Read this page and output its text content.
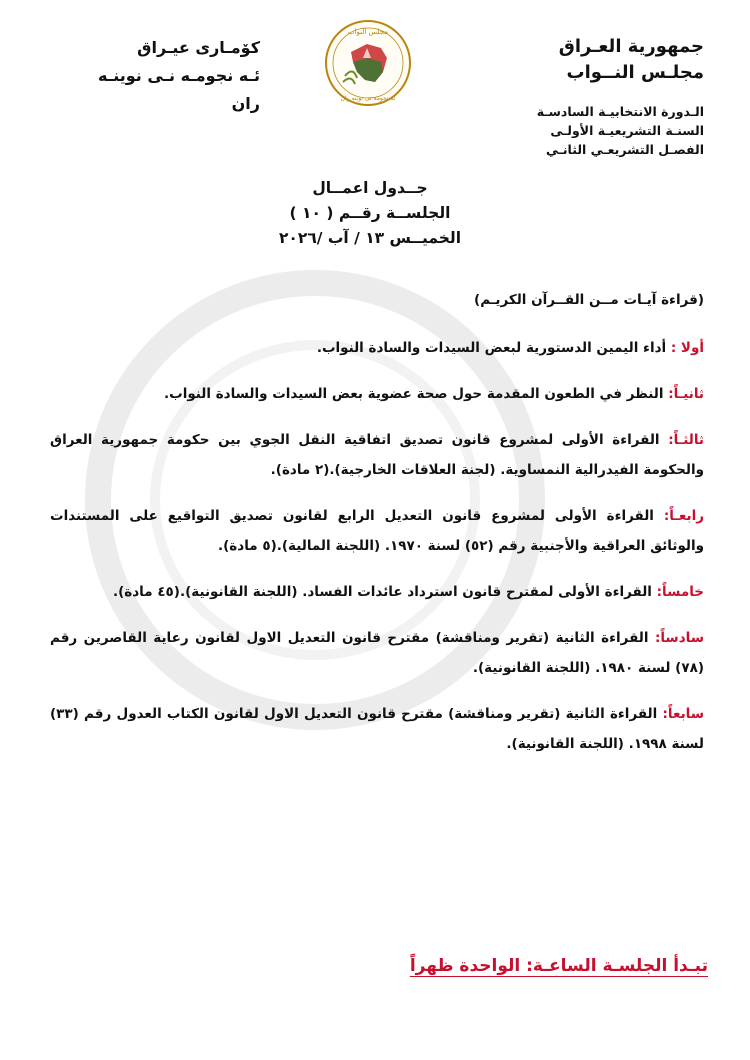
جمهورية العـراق
مجلـس النــواب
الـدورة الانتخابيـة السادسـة
السنـة التشريعيـة الأولـى
الفصـل التشريعـي الثانـي
مجلس النواب
ئه نجومه نى نوينه ران
كۆمـارى عيـراق
ئـه نجومـه نـى نوينـه ران
جــدول اعمــال
الجلســة رقــم ( ١٠ )
الخميــس ١٣ / آب /٢٠٢٦
(قراءة آيـات مــن القــرآن الكريـم)
أولا : أداء اليمين الدستورية لبعض السيدات والسادة النواب.
ثانيـاً: النظر في الطعون المقدمة حول صحة عضوية بعض السيدات والسادة النواب.
ثالثـاً: القراءة الأولى لمشروع قانون تصديق اتفاقية النقل الجوي بين حكومة جمهورية العراق والحكومة الفيدرالية النمساوية. (لجنة العلاقات الخارجية).(٢ مادة).
رابعـاً: القراءة الأولى لمشروع قانون التعديل الرابع لقانون تصديق التواقيع على المستندات والوثائق العراقية والأجنبية رقم (٥٢) لسنة ١٩٧٠. (اللجنة المالية).(٥ مادة).
خامساً: القراءة الأولى لمقترح قانون استرداد عائدات الفساد. (اللجنة القانونية).(٤٥ مادة).
سادساً: القراءة الثانية (تقرير ومناقشة) مقترح قانون التعديل الاول لقانون رعاية القاصرين رقم (٧٨) لسنة ١٩٨٠. (اللجنة القانونية).
سابعاً: القراءة الثانية (تقرير ومناقشة) مقترح قانون التعديل الاول لقانون الكتاب العدول رقم (٣٣) لسنة ١٩٩٨. (اللجنة القانونية).
تبـدأ الجلسـة الساعـة: الواحدة ظهراً
